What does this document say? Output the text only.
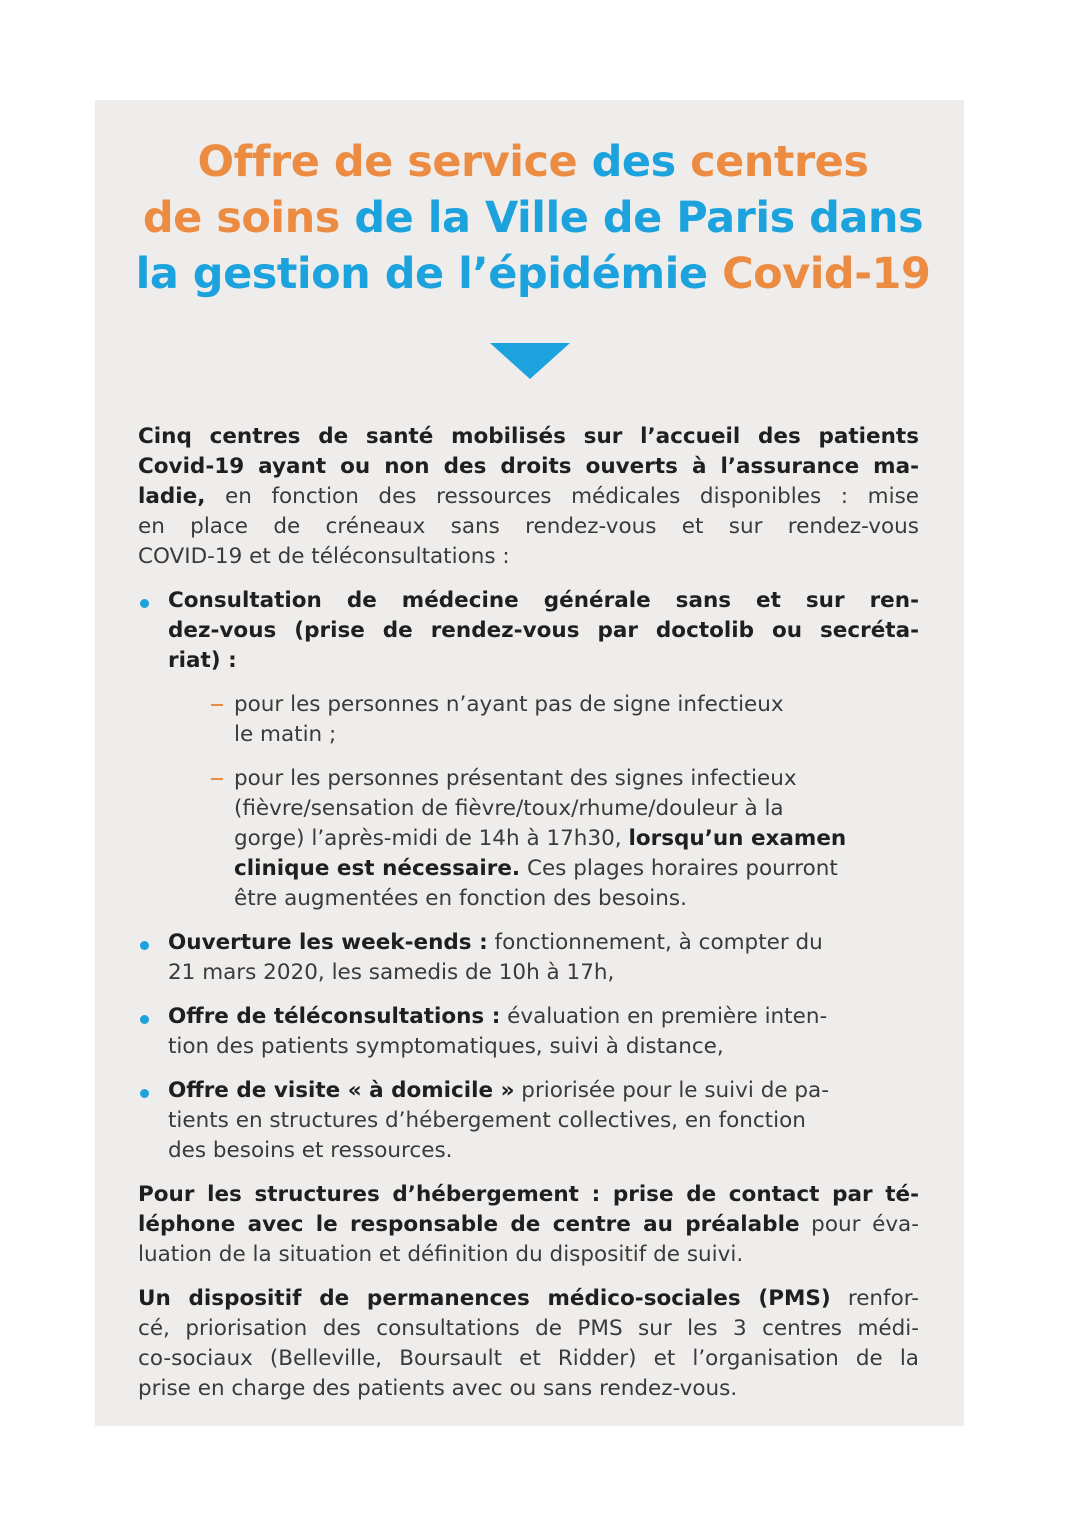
Offre de service des centres
de soins de la Ville de Paris dans
la gestion de l’épidémie Covid-19
Cinq centres de santé mobilisés sur l’accueil des patients
Covid-19 ayant ou non des droits ouverts à l’assurance ma-
ladie, en fonction des ressources médicales disponibles : mise
en place de créneaux sans rendez-vous et sur rendez-vous
COVID-19 et de téléconsultations :
Consultation de médecine générale sans et sur ren-
dez-vous (prise de rendez-vous par doctolib ou secréta-
riat) :
pour les personnes n’ayant pas de signe infectieux
le matin ;
pour les personnes présentant des signes infectieux
(fièvre/sensation de fièvre/toux/rhume/douleur à la
gorge) l’après-midi de 14h à 17h30, lorsqu’un examen
clinique est nécessaire. Ces plages horaires pourront
être augmentées en fonction des besoins.
Ouverture les week-ends : fonctionnement, à compter du
21 mars 2020, les samedis de 10h à 17h,
Offre de téléconsultations : évaluation en première inten-
tion des patients symptomatiques, suivi à distance,
Offre de visite « à domicile » priorisée pour le suivi de pa-
tients en structures d’hébergement collectives, en fonction
des besoins et ressources.
Pour les structures d’hébergement : prise de contact par té-
léphone avec le responsable de centre au préalable pour éva-
luation de la situation et définition du dispositif de suivi.
Un dispositif de permanences médico-sociales (PMS) renfor-
cé, priorisation des consultations de PMS sur les 3 centres médi-
co-sociaux (Belleville, Boursault et Ridder) et l’organisation de la
prise en charge des patients avec ou sans rendez-vous.
